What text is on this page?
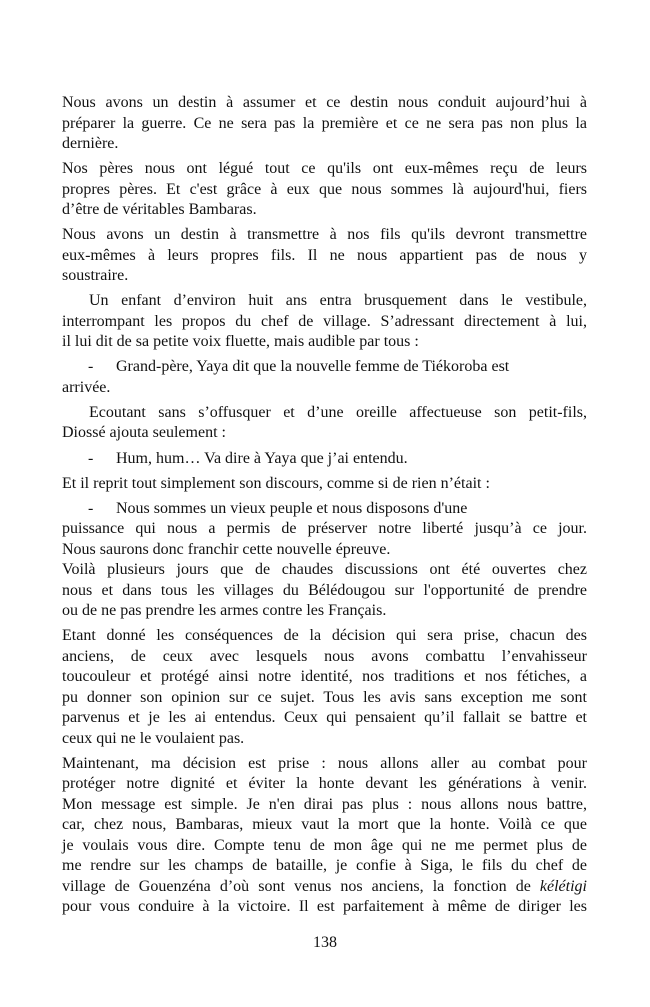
Nous avons un destin à assumer et ce destin nous conduit aujourd’hui à
préparer la guerre. Ce ne sera pas la première et ce ne sera pas non plus la
dernière.
Nos pères nous ont légué tout ce qu'ils ont eux-mêmes reçu de leurs
propres pères. Et c'est grâce à eux que nous sommes là aujourd'hui, fiers
d’être de véritables Bambaras.
Nous avons un destin à transmettre à nos fils qu'ils devront transmettre
eux-mêmes à leurs propres fils. Il ne nous appartient pas de nous y
soustraire.
Un enfant d’environ huit ans entra brusquement dans le vestibule,
interrompant les propos du chef de village. S’adressant directement à lui,
il lui dit de sa petite voix fluette, mais audible par tous :
- Grand-père, Yaya dit que la nouvelle femme de Tiékoroba est
arrivée.
Ecoutant sans s’offusquer et d’une oreille affectueuse son petit-fils,
Diossé ajouta seulement :
- Hum, hum… Va dire à Yaya que j’ai entendu.
Et il reprit tout simplement son discours, comme si de rien n’était :
- Nous sommes un vieux peuple et nous disposons d'une
puissance qui nous a permis de préserver notre liberté jusqu’à ce jour.
Nous saurons donc franchir cette nouvelle épreuve.
Voilà plusieurs jours que de chaudes discussions ont été ouvertes chez
nous et dans tous les villages du Bélédougou sur l'opportunité de prendre
ou de ne pas prendre les armes contre les Français.
Etant donné les conséquences de la décision qui sera prise, chacun des
anciens, de ceux avec lesquels nous avons combattu l’envahisseur
toucouleur et protégé ainsi notre identité, nos traditions et nos fétiches, a
pu donner son opinion sur ce sujet. Tous les avis sans exception me sont
parvenus et je les ai entendus. Ceux qui pensaient qu’il fallait se battre et
ceux qui ne le voulaient pas.
Maintenant, ma décision est prise : nous allons aller au combat pour
protéger notre dignité et éviter la honte devant les générations à venir.
Mon message est simple. Je n'en dirai pas plus : nous allons nous battre,
car, chez nous, Bambaras, mieux vaut la mort que la honte. Voilà ce que
je voulais vous dire. Compte tenu de mon âge qui ne me permet plus de
me rendre sur les champs de bataille, je confie à Siga, le fils du chef de
village de Gouenzéna d’où sont venus nos anciens, la fonction de kélétigi
pour vous conduire à la victoire. Il est parfaitement à même de diriger les
138
